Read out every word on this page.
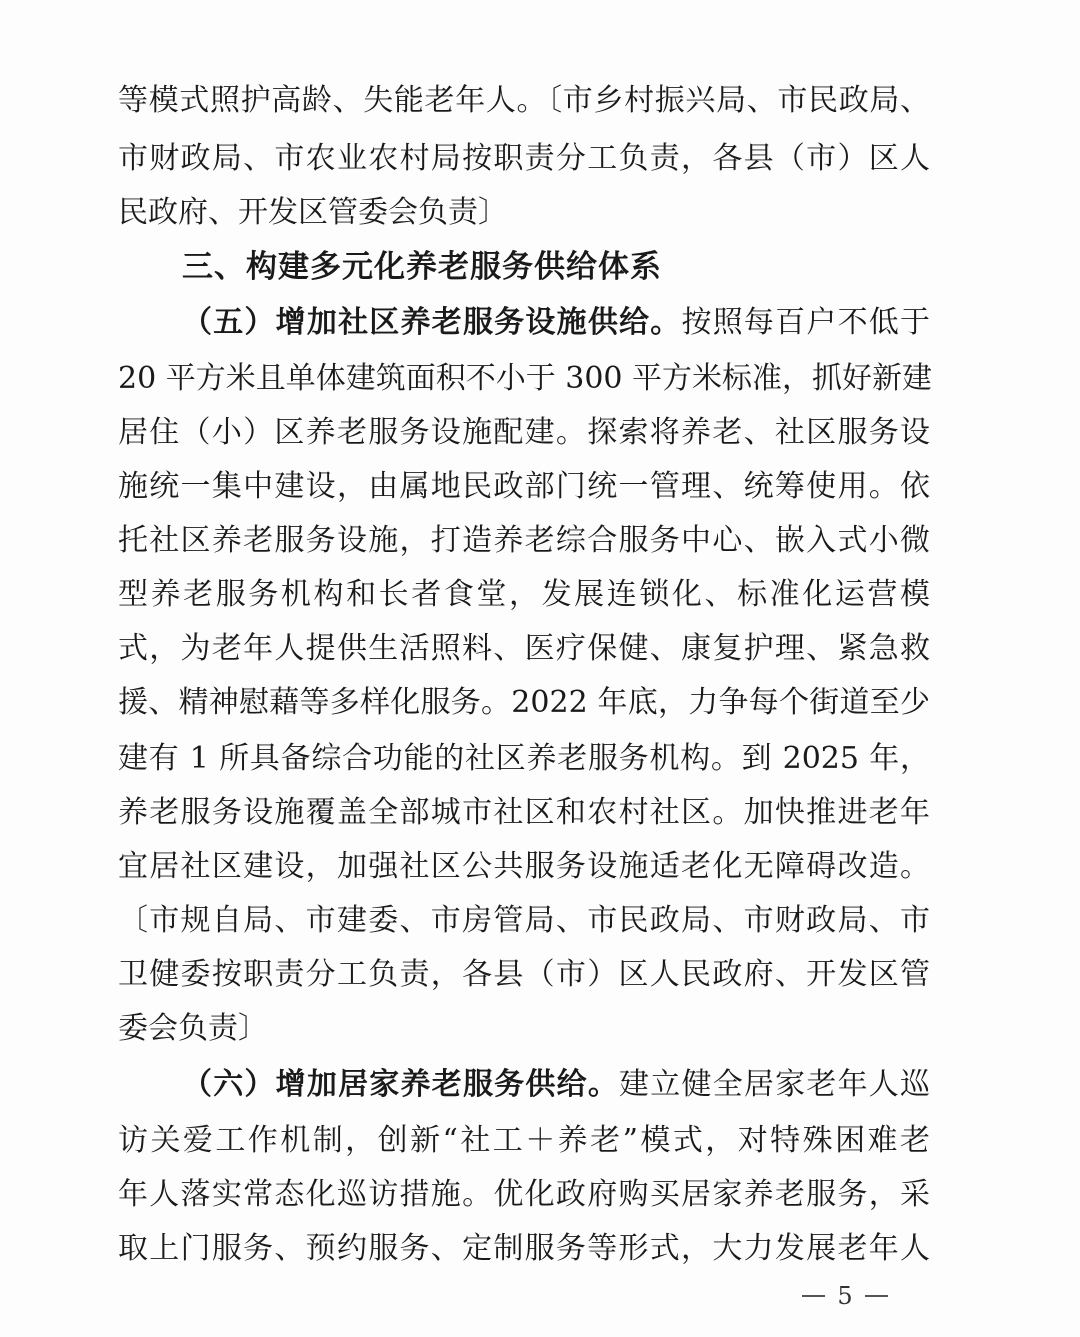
等模式照护高龄、失能老年人。〔市乡村振兴局、市民政局、
市财政局、市农业农村局按职责分工负责，各县（市）区人
民政府、开发区管委会负责〕
三、构建多元化养老服务供给体系
（五）增加社区养老服务设施供给。按照每百户不低于
20 平方米且单体建筑面积不小于 300 平方米标准，抓好新建
居住（小）区养老服务设施配建。探索将养老、社区服务设
施统一集中建设，由属地民政部门统一管理、统筹使用。依
托社区养老服务设施，打造养老综合服务中心、嵌入式小微
型养老服务机构和长者食堂，发展连锁化、标准化运营模
式，为老年人提供生活照料、医疗保健、康复护理、紧急救
援、精神慰藉等多样化服务。2022 年底，力争每个街道至少
建有 1 所具备综合功能的社区养老服务机构。到 2025 年，
养老服务设施覆盖全部城市社区和农村社区。加快推进老年
宜居社区建设，加强社区公共服务设施适老化无障碍改造。
〔市规自局、市建委、市房管局、市民政局、市财政局、市
卫健委按职责分工负责，各县（市）区人民政府、开发区管
委会负责〕
（六）增加居家养老服务供给。建立健全居家老年人巡
访关爱工作机制，创新“社工＋养老”模式，对特殊困难老
年人落实常态化巡访措施。优化政府购买居家养老服务，采
取上门服务、预约服务、定制服务等形式，大力发展老年人
5
